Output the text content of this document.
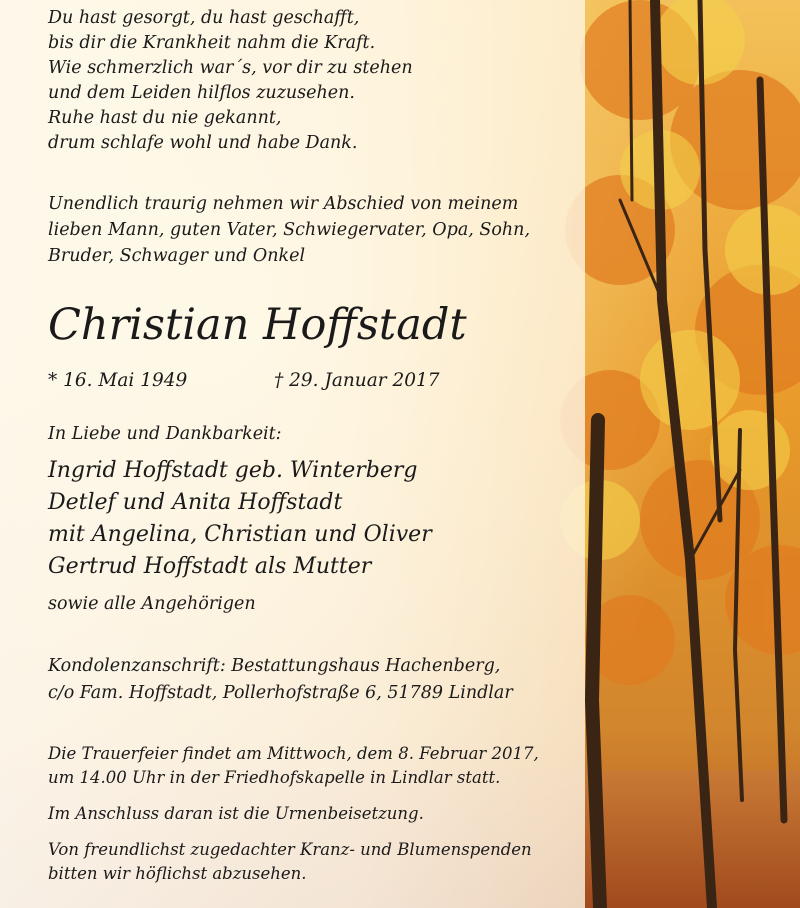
Du hast gesorgt, du hast geschafft,
bis dir die Krankheit nahm die Kraft.
Wie schmerzlich war´s, vor dir zu stehen
und dem Leiden hilflos zuzusehen.
Ruhe hast du nie gekannt,
drum schlafe wohl und habe Dank.
Unendlich traurig nehmen wir Abschied von meinem
lieben Mann, guten Vater, Schwiegervater, Opa, Sohn,
Bruder, Schwager und Onkel
Christian Hoffstadt
* 16. Mai 1949	† 29. Januar 2017
In Liebe und Dankbarkeit:
Ingrid Hoffstadt geb. Winterberg
Detlef und Anita Hoffstadt
mit Angelina, Christian und Oliver
Gertrud Hoffstadt als Mutter
sowie alle Angehörigen
Kondolenzanschrift: Bestattungshaus Hachenberg,
c/o Fam. Hoffstadt, Pollerhofstraße 6, 51789 Lindlar
Die Trauerfeier findet am Mittwoch, dem 8. Februar 2017,
um 14.00 Uhr in der Friedhofskapelle in Lindlar statt.
Im Anschluss daran ist die Urnenbeisetzung.
Von freundlichst zugedachter Kranz- und Blumenspenden
bitten wir höflichst abzusehen.
